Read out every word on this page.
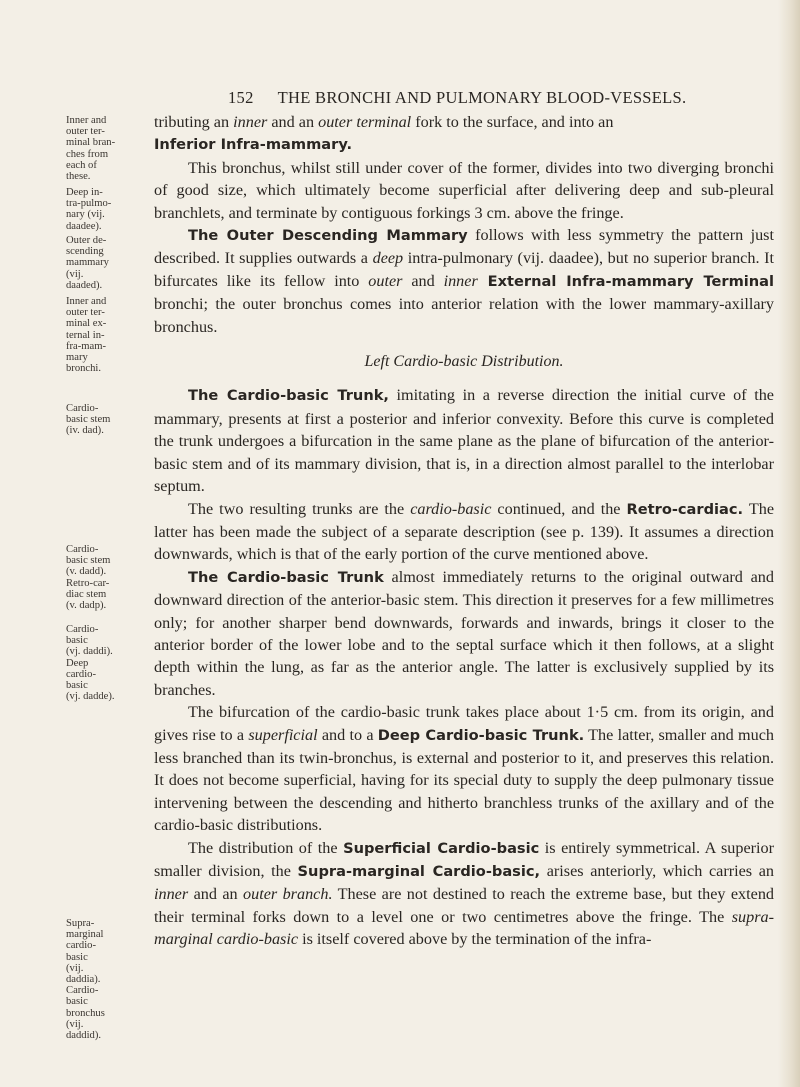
152 THE BRONCHI AND PULMONARY BLOOD-VESSELS.
Inner and
outer ter-
minal bran-
ches from
each of
these.
Deep in-
tra-pulmo-
nary (vij.
daadee).
Outer de-
scending
mammary
(vij.
daaded).
Inner and
outer ter-
minal ex-
ternal in-
fra-mam-
mary
bronchi.
Cardio-
basic stem
(iv. dad).
Cardio-
basic stem
(v. dadd).
Retro-car-
diac stem
(v. dadp).
Cardio-
basic
(vj. daddi).
Deep
cardio-
basic
(vj. dadde).
Supra-
marginal
cardio-
basic
(vij.
daddia).
Cardio-
basic
bronchus
(vij.
daddid).

tributing an inner and an outer terminal fork to the surface, and into an

Inferior Infra-mammary.

This bronchus, whilst still under cover of the former, divides into two diverging bronchi of good size, which ultimately become superficial after delivering deep and sub-pleural branchlets, and terminate by contiguous forkings 3 cm. above the fringe.

The Outer Descending Mammary follows with less symmetry the pattern just described. It supplies outwards a deep intra-pulmonary (vij. daadee), but no superior branch. It bifurcates like its fellow into outer and inner External Infra-mammary Terminal bronchi; the outer bronchus comes into anterior relation with the lower mammary-axillary bronchus.

Left Cardio-basic Distribution.

The Cardio-basic Trunk, imitating in a reverse direction the initial curve of the mammary, presents at first a posterior and inferior convexity. Before this curve is completed the trunk undergoes a bifurcation in the same plane as the plane of bifurcation of the anterior-basic stem and of its mammary division, that is, in a direction almost parallel to the interlobar septum.

The two resulting trunks are the cardio-basic continued, and the Retro-cardiac. The latter has been made the subject of a separate description (see p. 139). It assumes a direction downwards, which is that of the early portion of the curve mentioned above.

The Cardio-basic Trunk almost immediately returns to the original outward and downward direction of the anterior-basic stem. This direction it preserves for a few millimetres only; for another sharper bend downwards, forwards and inwards, brings it closer to the anterior border of the lower lobe and to the septal surface which it then follows, at a slight depth within the lung, as far as the anterior angle. The latter is exclusively supplied by its branches.

The bifurcation of the cardio-basic trunk takes place about 1·5 cm. from its origin, and gives rise to a superficial and to a Deep Cardio-basic Trunk. The latter, smaller and much less branched than its twin-bronchus, is external and posterior to it, and preserves this relation. It does not become superficial, having for its special duty to supply the deep pulmonary tissue intervening between the descending and hitherto branchless trunks of the axillary and of the cardio-basic distributions.

The distribution of the Superficial Cardio-basic is entirely symmetrical. A superior smaller division, the Supra-marginal Cardio-basic, arises anteriorly, which carries an inner and an outer branch. These are not destined to reach the extreme base, but they extend their terminal forks down to a level one or two centimetres above the fringe. The supra-marginal cardio-basic is itself covered above by the termination of the infra-
